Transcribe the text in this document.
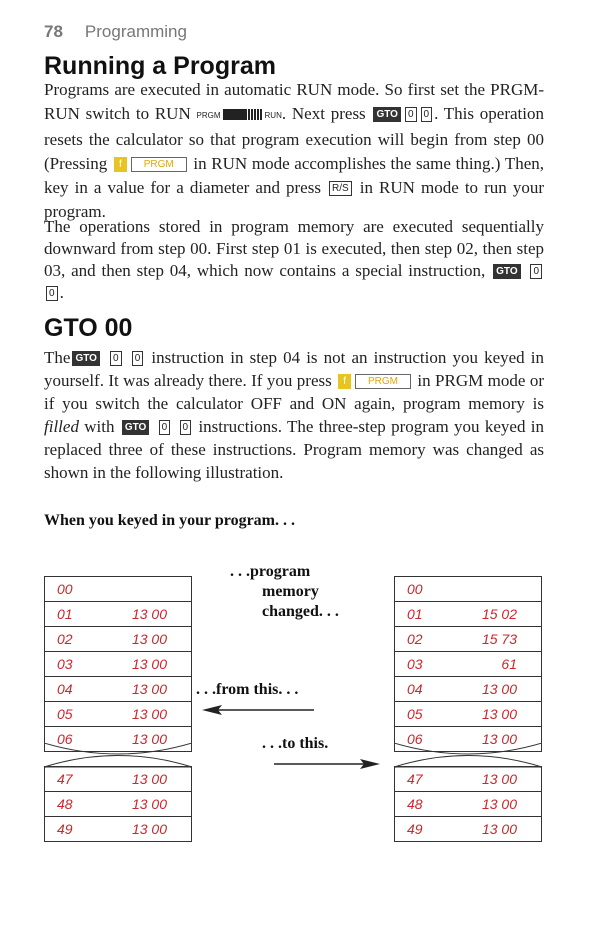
78 Programming
Running a Program
Programs are executed in automatic RUN mode. So first set the PRGM-RUN switch to RUN PRGM	RUN. Next press GTO 0 0 . This operation resets the calculator so that program execution will begin from step 00 (Pressing f PRGM in RUN mode accomplishes the same thing.) Then, key in a value for a diameter and press R/S in RUN mode to run your program.
The operations stored in program memory are executed sequentially downward from step 00. First step 01 is executed, then step 02, then step 03, and then step 04, which now contains a special instruction, GTO 0 0 .
GTO 00
The GTO 0 0 instruction in step 04 is not an instruction you keyed in yourself. It was already there. If you press f PRGM in PRGM mode or if you switch the calculator OFF and ON again, program memory is filled with GTO 0 0 instructions. The three-step program you keyed in replaced three of these instructions. Program memory was changed as shown in the following illustration.
When you keyed in your program. . .
00
01	13 00
02	13 00
03	13 00
04	13 00
05	13 00
06	13 00
47	13 00
48	13 00
49	13 00
00
01	15 02
02	15 73
03	61
04	13 00
05	13 00
06	13 00
47	13 00
48	13 00
49	13 00
. . .program
memory
changed. . .
. . .from this. . .
. . .to this.
